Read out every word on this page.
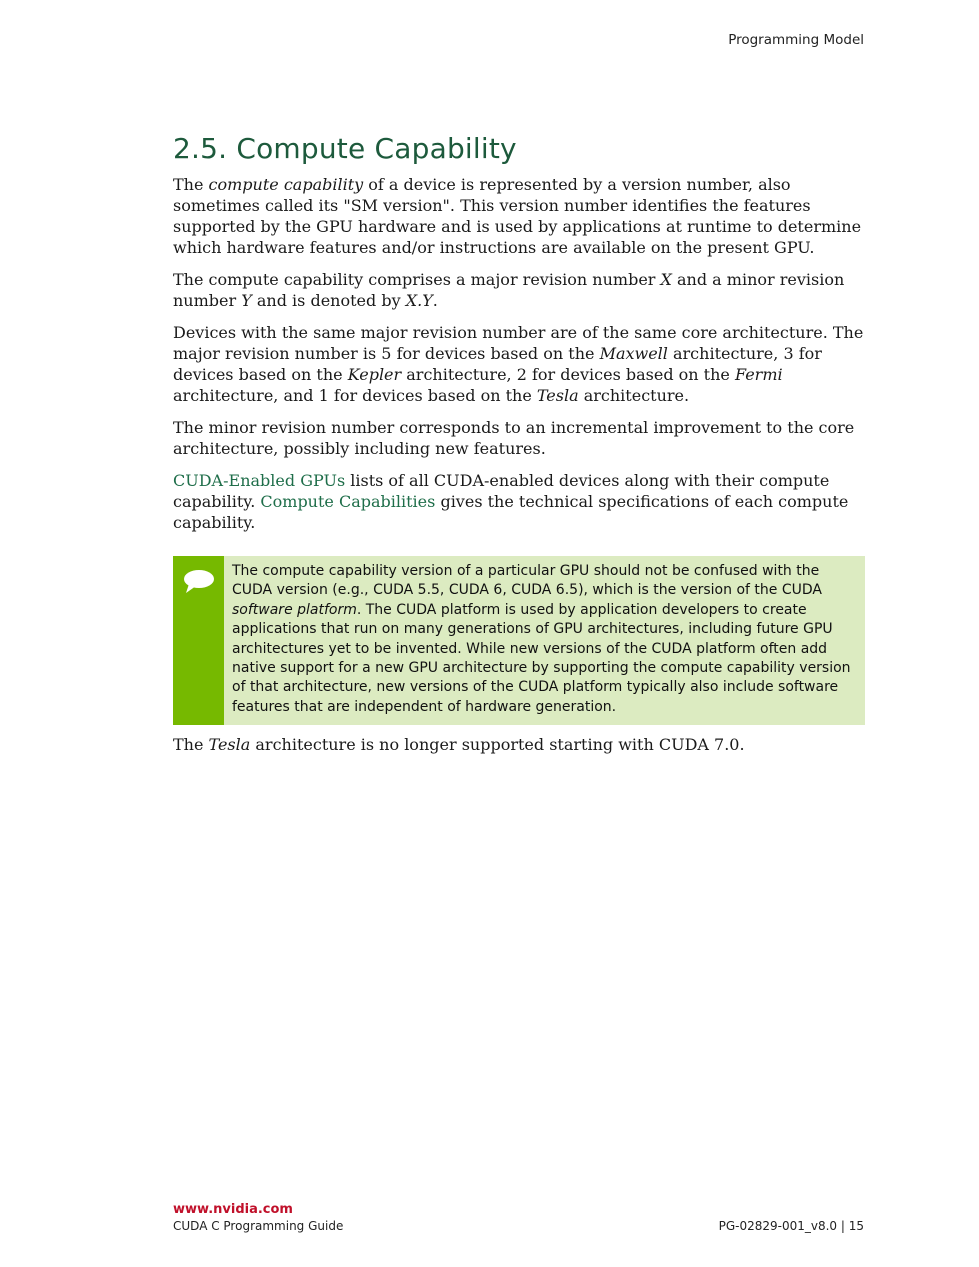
Programming Model
2.5. Compute Capability

The compute capability of a device is represented by a version number, also sometimes called its "SM version". This version number identifies the features supported by the GPU hardware and is used by applications at runtime to determine which hardware features and/or instructions are available on the present GPU.

The compute capability comprises a major revision number X and a minor revision number Y and is denoted by X.Y.

Devices with the same major revision number are of the same core architecture. The major revision number is 5 for devices based on the Maxwell architecture, 3 for devices based on the Kepler architecture, 2 for devices based on the Fermi architecture, and 1 for devices based on the Tesla architecture.

The minor revision number corresponds to an incremental improvement to the core architecture, possibly including new features.

CUDA-Enabled GPUs lists of all CUDA-enabled devices along with their compute capability. Compute Capabilities gives the technical specifications of each compute capability.

The compute capability version of a particular GPU should not be confused with the CUDA version (e.g., CUDA 5.5, CUDA 6, CUDA 6.5), which is the version of the CUDA software platform. The CUDA platform is used by application developers to create applications that run on many generations of GPU architectures, including future GPU architectures yet to be invented. While new versions of the CUDA platform often add native support for a new GPU architecture by supporting the compute capability version of that architecture, new versions of the CUDA platform typically also include software features that are independent of hardware generation.

The Tesla architecture is no longer supported starting with CUDA 7.0.

www.nvidia.com
CUDA C Programming Guide	PG-02829-001_v8.0 | 15
